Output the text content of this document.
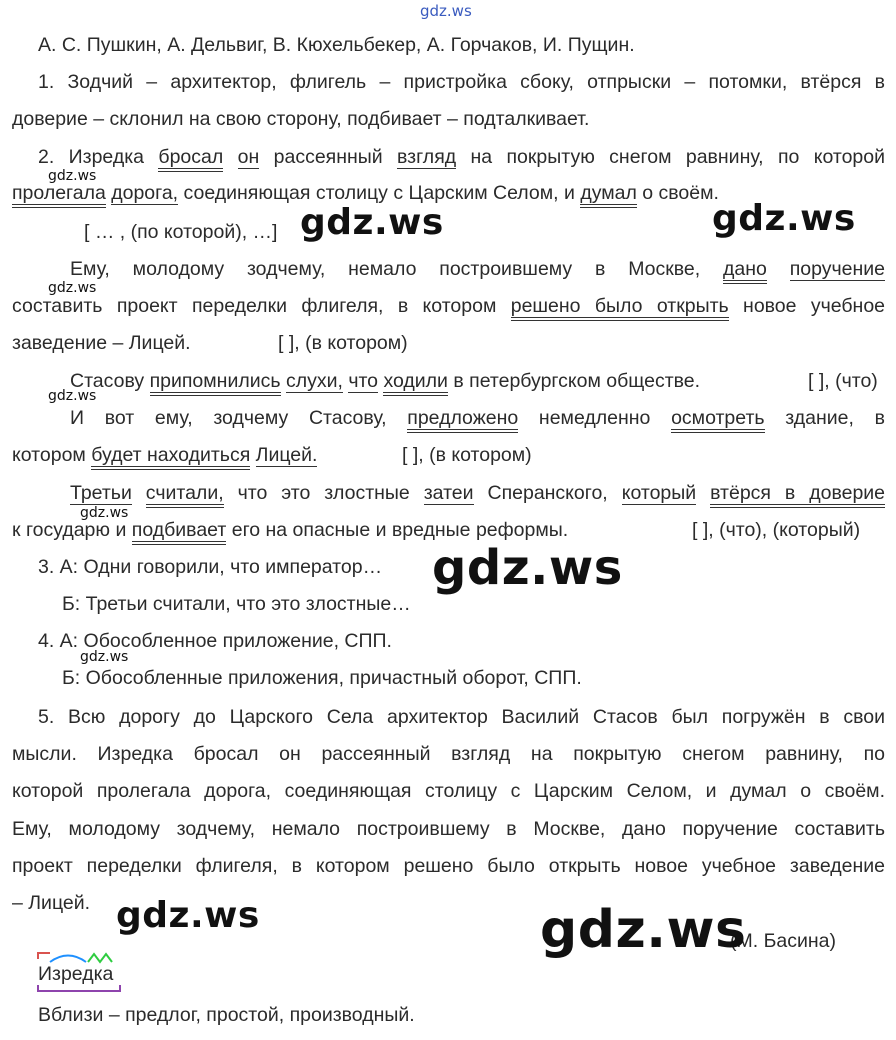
gdz.ws
А. С. Пушкин, А. Дельвиг, В. Кюхельбекер, А. Горчаков, И. Пущин.
1. Зодчий – архитектор, флигель – пристройка сбоку, отпрыски – потомки, втёрся в
доверие – склонил на свою сторону, подбивает – подталкивает.
2. Изредка бросал он рассеянный взгляд на покрытую снегом равнину, по которой
пролегала дорога, соединяющая столицу с Царским Селом, и думал о своём.
[ … , (по которой), …]
Ему, молодому зодчему, немало построившему в Москве, дано поручение
составить проект переделки флигеля, в котором решено было открыть новое учебное
заведение – Лицей.	[ ], (в котором)
Стасову припомнились слухи, что ходили в петербургском обществе.	[ ], (что)
И вот ему, зодчему Стасову, предложено немедленно осмотреть здание, в
котором будет находиться Лицей.	[ ], (в котором)
Третьи считали, что это злостные затеи Сперанского, который втёрся в доверие
к государю и подбивает его на опасные и вредные реформы.	[ ], (что), (который)
3. А: Одни говорили, что император…
Б: Третьи считали, что это злостные…
4. А: Обособленное приложение, СПП.
Б: Обособленные приложения, причастный оборот, СПП.
5. Всю дорогу до Царского Села архитектор Василий Стасов был погружён в свои
мысли. Изредка бросал он рассеянный взгляд на покрытую снегом равнину, по
которой пролегала дорога, соединяющая столицу с Царским Селом, и думал о своём.
Ему, молодому зодчему, немало построившему в Москве, дано поручение составить
проект переделки флигеля, в котором решено было открыть новое учебное заведение
– Лицей.
(М. Басина)
Изредка
Вблизи – предлог, простой, производный.
gdz.ws
gdz.ws	gdz.ws
gdz.ws
gdz.ws
gdz.ws
gdz.ws
gdz.ws
gdz.ws	gdz.ws
